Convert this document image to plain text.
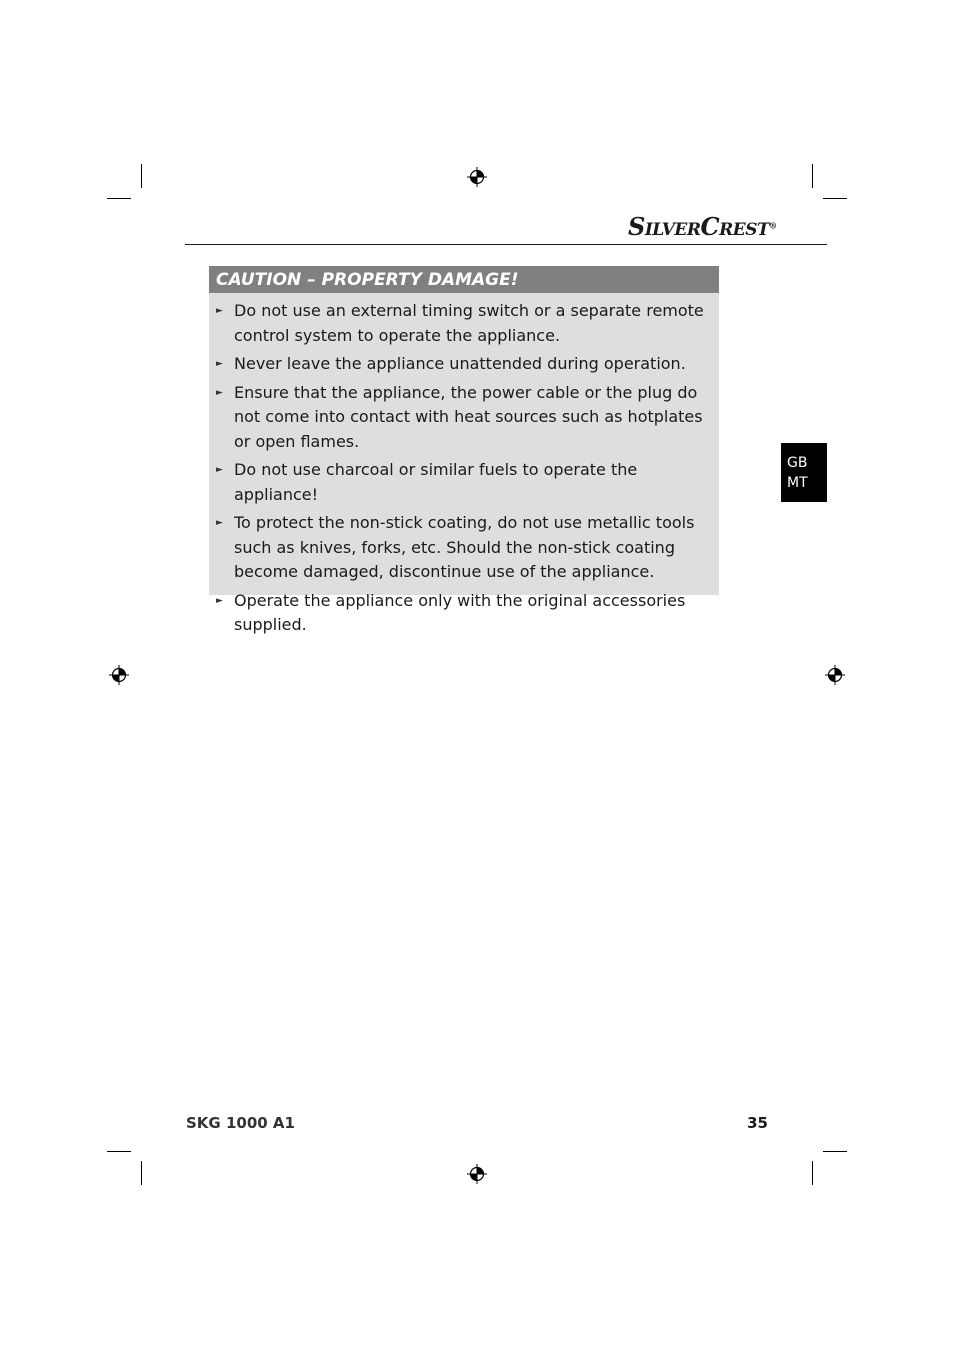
SILVERCREST®
CAUTION – PROPERTY DAMAGE!
► Do not use an external timing switch or a separate remote control system to operate the appliance.
► Never leave the appliance unattended during operation.
► Ensure that the appliance, the power cable or the plug do not come into contact with heat sources such as hotplates or open flames.
► Do not use charcoal or similar fuels to operate the appliance!
► To protect the non-stick coating, do not use metallic tools such as knives, forks, etc. Should the non-stick coating become damaged, discontinue use of the appliance.
► Operate the appliance only with the original accessories supplied.
GB
MT
SKG 1000 A1	35
